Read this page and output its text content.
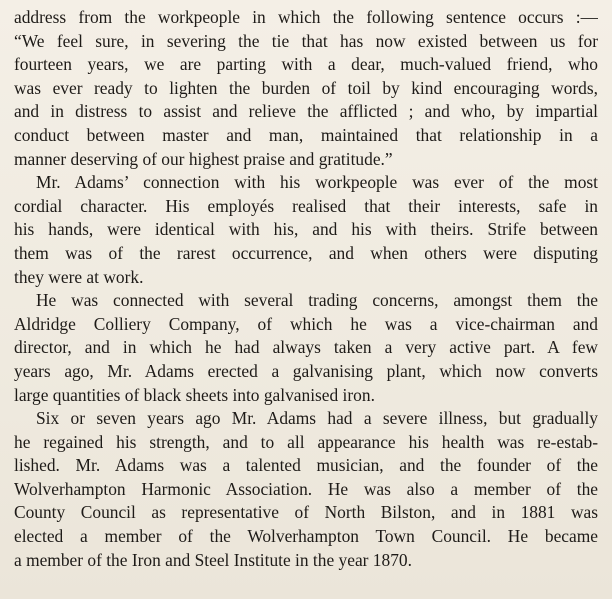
address from the workpeople in which the following sentence occurs :—
“We feel sure, in severing the tie that has now existed between us for
fourteen years, we are parting with a dear, much-valued friend, who
was ever ready to lighten the burden of toil by kind encouraging words,
and in distress to assist and relieve the afflicted ; and who, by impartial
conduct between master and man, maintained that relationship in a
manner deserving of our highest praise and gratitude.”
Mr. Adams’ connection with his workpeople was ever of the most
cordial character. His employés realised that their interests, safe in
his hands, were identical with his, and his with theirs. Strife between
them was of the rarest occurrence, and when others were disputing
they were at work.
He was connected with several trading concerns, amongst them the
Aldridge Colliery Company, of which he was a vice-chairman and
director, and in which he had always taken a very active part. A few
years ago, Mr. Adams erected a galvanising plant, which now converts
large quantities of black sheets into galvanised iron.
Six or seven years ago Mr. Adams had a severe illness, but gradually
he regained his strength, and to all appearance his health was re-estab-
lished. Mr. Adams was a talented musician, and the founder of the
Wolverhampton Harmonic Association. He was also a member of the
County Council as representative of North Bilston, and in 1881 was
elected a member of the Wolverhampton Town Council. He became
a member of the Iron and Steel Institute in the year 1870.
